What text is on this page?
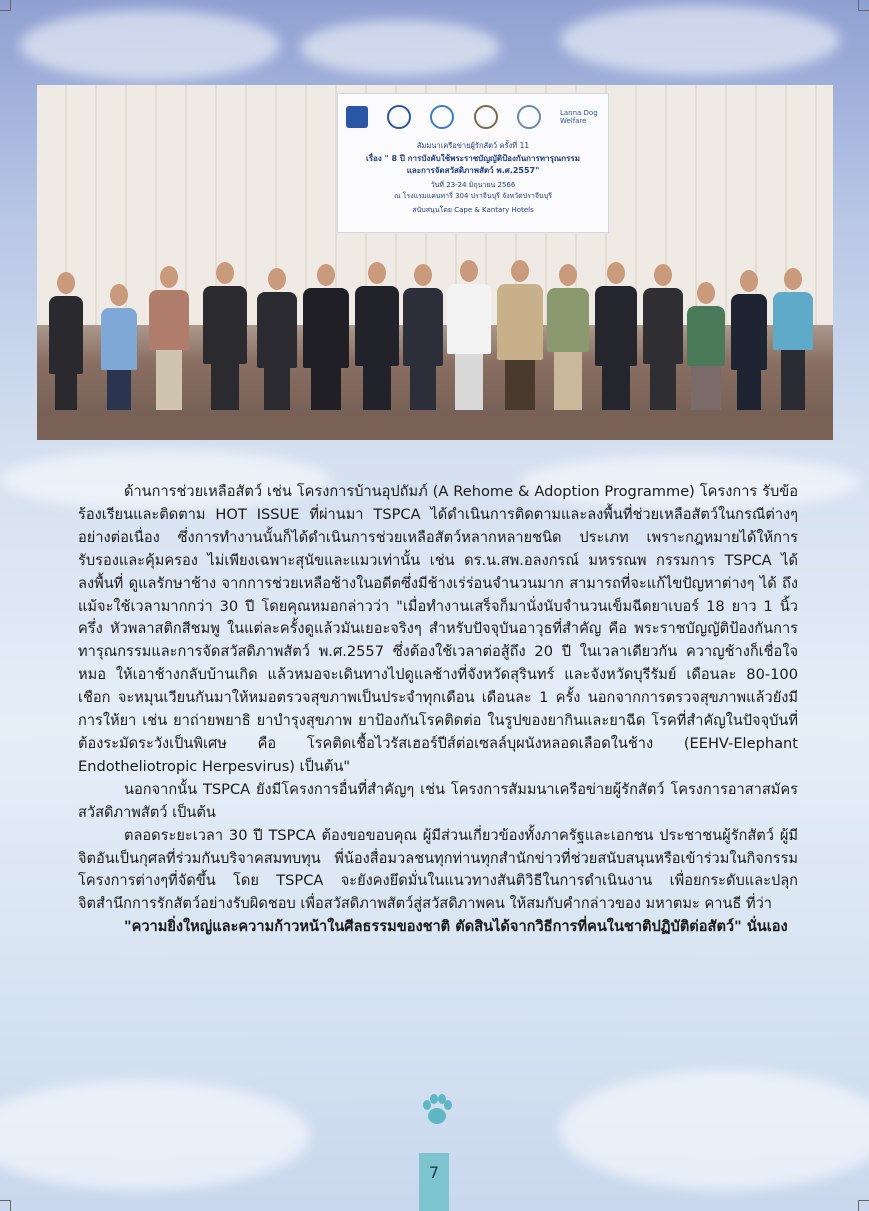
Lanna Dog Welfare
สัมมนาเครือข่ายผู้รักสัตว์ ครั้งที่ 11
เรื่อง " 8 ปี การบังคับใช้พระราชบัญญัติป้องกันการทารุณกรรม
และการจัดสวัสดิภาพสัตว์ พ.ศ.2557"
วันที่ 23-24 มิถุนายน 2566
ณ โรงแรมแคนทารี่ 304 ปราจีนบุรี จังหวัดปราจีนบุรี
สนับสนุนโดย Cape & Kantary Hotels

ด้านการช่วยเหลือสัตว์ เช่น โครงการบ้านอุปถัมภ์ (A Rehome & Adoption Programme) โครงการ รับข้อร้องเรียนและติดตาม HOT ISSUE ที่ผ่านมา TSPCA ได้ดำเนินการติดตามและลงพื้นที่ช่วยเหลือสัตว์ในกรณีต่างๆ อย่างต่อเนื่อง ซึ่งการทำงานนั้นก็ได้ดำเนินการช่วยเหลือสัตว์หลากหลายชนิด ประเภท เพราะกฎหมายได้ให้การรับรองและคุ้มครอง ไม่เพียงเฉพาะสุนัขและแมวเท่านั้น เช่น ดร.น.สพ.อลงกรณ์ มหรรณพ กรรมการ TSPCA ได้ลงพื้นที่ ดูแลรักษาช้าง จากการช่วยเหลือช้างในอดีตซึ่งมีช้างเร่ร่อนจำนวนมาก สามารถที่จะแก้ไขปัญหาต่างๆ ได้ ถึงแม้จะใช้เวลามากกว่า 30 ปี โดยคุณหมอกล่าวว่า "เมื่อทำงานเสร็จก็มานั่งนับจำนวนเข็มฉีดยาเบอร์ 18 ยาว 1 นิ้วครึ่ง หัวพลาสติกสีชมพู ในแต่ละครั้งดูแล้วมันเยอะจริงๆ สำหรับปัจจุบันอาวุธที่สำคัญ คือ พระราชบัญญัติป้องกันการทารุณกรรมและการจัดสวัสดิภาพสัตว์ พ.ศ.2557 ซึ่งต้องใช้เวลาต่อสู้ถึง 20 ปี ในเวลาเดียวกัน ควาญช้างก็เชื่อใจหมอ ให้เอาช้างกลับบ้านเกิด แล้วหมอจะเดินทางไปดูแลช้างที่จังหวัดสุรินทร์ และจังหวัดบุรีรัมย์ เดือนละ 80-100 เชือก จะหมุนเวียนกันมาให้หมอตรวจสุขภาพเป็นประจำทุกเดือน เดือนละ 1 ครั้ง นอกจากการตรวจสุขภาพแล้วยังมีการให้ยา เช่น ยาถ่ายพยาธิ ยาบำรุงสุขภาพ ยาป้องกันโรคติดต่อ ในรูปของยากินและยาฉีด โรคที่สำคัญในปัจจุบันที่ต้องระมัดระวังเป็นพิเศษ คือ โรคติดเชื้อไวรัสเฮอร์ปีส์ต่อเซลล์บุผนังหลอดเลือดในช้าง (EEHV-Elephant Endotheliotropic Herpesvirus) เป็นต้น"

นอกจากนั้น TSPCA ยังมีโครงการอื่นที่สำคัญๆ เช่น โครงการสัมมนาเครือข่ายผู้รักสัตว์ โครงการอาสาสมัครสวัสดิภาพสัตว์ เป็นต้น

ตลอดระยะเวลา 30 ปี TSPCA ต้องขอขอบคุณ ผู้มีส่วนเกี่ยวข้องทั้งภาครัฐและเอกชน ประชาชนผู้รักสัตว์ ผู้มีจิตอันเป็นกุศลที่ร่วมกันบริจาคสมทบทุน พี่น้องสื่อมวลชนทุกท่านทุกสำนักข่าวที่ช่วยสนับสนุนหรือเข้าร่วมในกิจกรรมโครงการต่างๆที่จัดขึ้น โดย TSPCA จะยังคงยึดมั่นในแนวทางสันติวิธีในการดำเนินงาน เพื่อยกระดับและปลุกจิตสำนึกการรักสัตว์อย่างรับผิดชอบ เพื่อสวัสดิภาพสัตว์สู่สวัสดิภาพคน ให้สมกับคำกล่าวของ มหาตมะ คานธี ที่ว่า

"ความยิ่งใหญ่และความก้าวหน้าในศีลธรรมของชาติ ตัดสินได้จากวิธีการที่คนในชาติปฏิบัติต่อสัตว์" นั่นเอง

7
